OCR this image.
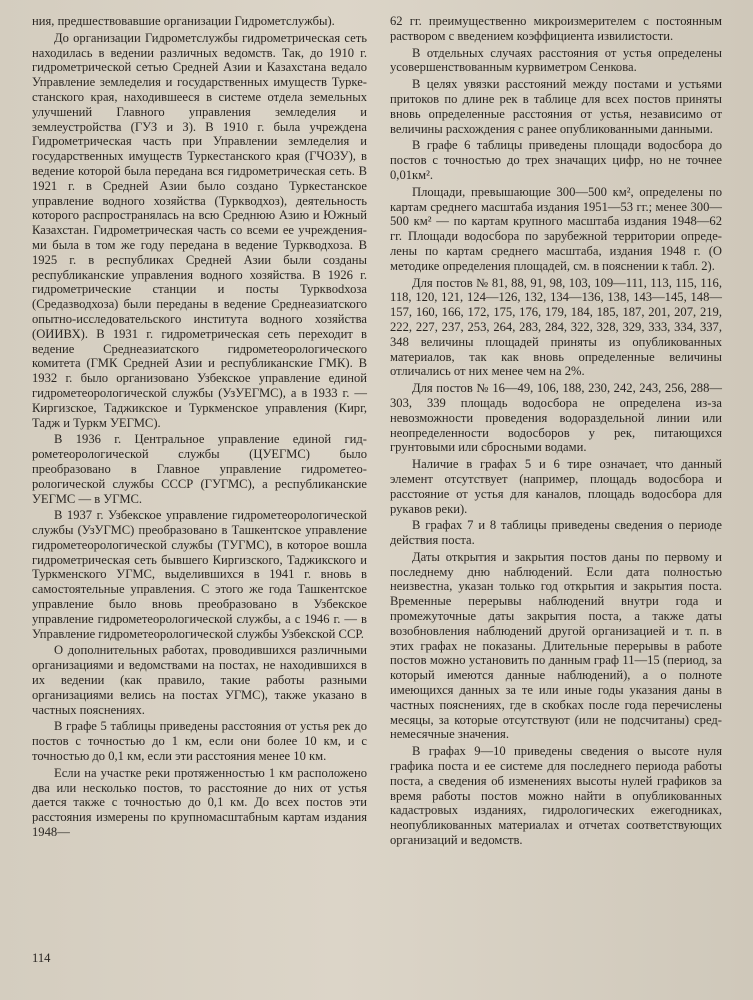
ния, предшествовавшие организации Гидрометслужбы).

До организации Гидрометслужбы гидрометрическая сеть находилась в ведении различных ведомств. Так, до 1910 г. гидрометрической сетью Средней Азии и Казахстана ведало Управление земледелия и государственных имуществ Туркестанского края, находившееся в системе отдела земельных улучшений Главного управления земледелия и землеустройства (ГУЗ и З). В 1910 г. была учреждена Гидрометрическая часть при Управлении земледелия и государственных имуществ Туркестанского края (ГЧОЗУ), в ведение которой была передана вся гидрометрическая сеть. В 1921 г. в Средней Азии было создано Туркестанское управление водного хозяйства (Туркводхоз), деятельность которого распространялась на всю Среднюю Азию и Южный Казахстан. Гидрометрическая часть со всеми ее учреждениями была в том же году передана в ведение Туркводхоза. В 1925 г. в республиках Средней Азии были созданы республиканские управления водного хозяйства. В 1926 г. гидрометрические станции и посты Турквodхоза (Средазводхоза) были переданы в ведение Среднеазиатского опытно-исследовательского института водного хозяйства (ОИИВХ). В 1931 г. гидрометрическая сеть переходит в ведение Среднеазиатского гидрометеорологического комитета (ГМК Средней Азии и республиканские ГМК). В 1932 г. было организовано Узбекское управление единой гидрометеорологической службы (УзУЕГМС), а в 1933 г. — Киргизское, Таджикское и Туркменское управления (Кирг, Тадж и Туркм УЕГМС).

В 1936 г. Центральное управление единой гидрометеорологической службы (ЦУЕГМС) было преобразовано в Главное управление гидрометеорологической службы СССР (ГУГМС), а республиканские УЕГМС — в УГМС.

В 1937 г. Узбекское управление гидрометеорологической службы (УзУГМС) преобразовано в Ташкентское управление гидрометеорологической службы (ТУГМС), в которое вошла гидрометрическая сеть бывшего Киргизского, Таджикского и Туркменского УГМС, выделившихся в 1941 г. вновь в самостоятельные управления. С этого же года Ташкентское управление было вновь преобразовано в Узбекское управление гидрометеорологической службы, а с 1946 г. — в Управление гидрометеорологической службы Узбекской ССР.

О дополнительных работах, проводившихся различными организациями и ведомствами на постах, не находившихся в их ведении (как правило, такие работы разными организациями велись на постах УГМС), также указано в частных пояснениях.

В графе 5 таблицы приведены расстояния от устья рек до постов с точностью до 1 км, если они более 10 км, и с точностью до 0,1 км, если эти расстояния менее 10 км.

Если на участке реки протяженностью 1 км расположено два или несколько постов, то расстояние до них от устья дается также с точностью до 0,1 км. До всех постов эти расстояния измерены по крупномасштабным картам издания 1948—

62 гг. преимущественно микроизмерителем с постоянным раствором с введением коэффициента извилистости.

В отдельных случаях расстояния от устья определены усовершенствованным курвиметром Сенкова.

В целях увязки расстояний между постами и устьями притоков по длине рек в таблице для всех постов приняты вновь определенные расстояния от устья, независимо от величины расхождения с ранее опубликованными данными.

В графе 6 таблицы приведены площади водосбора до постов с точностью до трех значащих цифр, но не точнее 0,01км².

Площади, превышающие 300—500 км², определены по картам среднего масштаба издания 1951—53 гг.; менее 300—500 км² — по картам крупного масштаба издания 1948—62 гг. Площади водосбора по зарубежной территории определены по картам среднего масштаба, издания 1948 г. (О методике определения площадей, см. в пояснении к табл. 2).

Для постов № 81, 88, 91, 98, 103, 109—111, 113, 115, 116, 118, 120, 121, 124—126, 132, 134—136, 138, 143—145, 148—157, 160, 166, 172, 175, 176, 179, 184, 185, 187, 201, 207, 219, 222, 227, 237, 253, 264, 283, 284, 322, 328, 329, 333, 334, 337, 348 величины площадей приняты из опубликованных материалов, так как вновь определенные величины отличались от них менее чем на 2%.

Для постов № 16—49, 106, 188, 230, 242, 243, 256, 288—303, 339 площадь водосбора не определена из-за невозможности проведения водораздельной линии или неопределенности водосборов у рек, питающихся грунтовыми или сбросными водами.

Наличие в графах 5 и 6 тире означает, что данный элемент отсутствует (например, площадь водосбора и расстояние от устья для каналов, площадь водосбора для рукавов реки).

В графах 7 и 8 таблицы приведены сведения о периоде действия поста.

Даты открытия и закрытия постов даны по первому и последнему дню наблюдений. Если дата полностью неизвестна, указан только год открытия и закрытия поста. Временные перерывы наблюдений внутри года и промежуточные даты закрытия поста, а также даты возобновления наблюдений другой организацией и т. п. в этих графах не показаны. Длительные перерывы в работе постов можно установить по данным граф 11—15 (период, за который имеются данные наблюдений), а о полноте имеющихся данных за те или иные годы указания даны в частных пояснениях, где в скобках после года перечислены месяцы, за которые отсутствуют (или не подсчитаны) среднемесячные значения.

В графах 9—10 приведены сведения о высоте нуля графика поста и ее системе для последнего периода работы поста, а сведения об изменениях высоты нулей графиков за время работы постов можно найти в опубликованных кадастровых изданиях, гидрологических ежегодниках, неопубликованных материалах и отчетах соответствующих организаций и ведомств.

114
